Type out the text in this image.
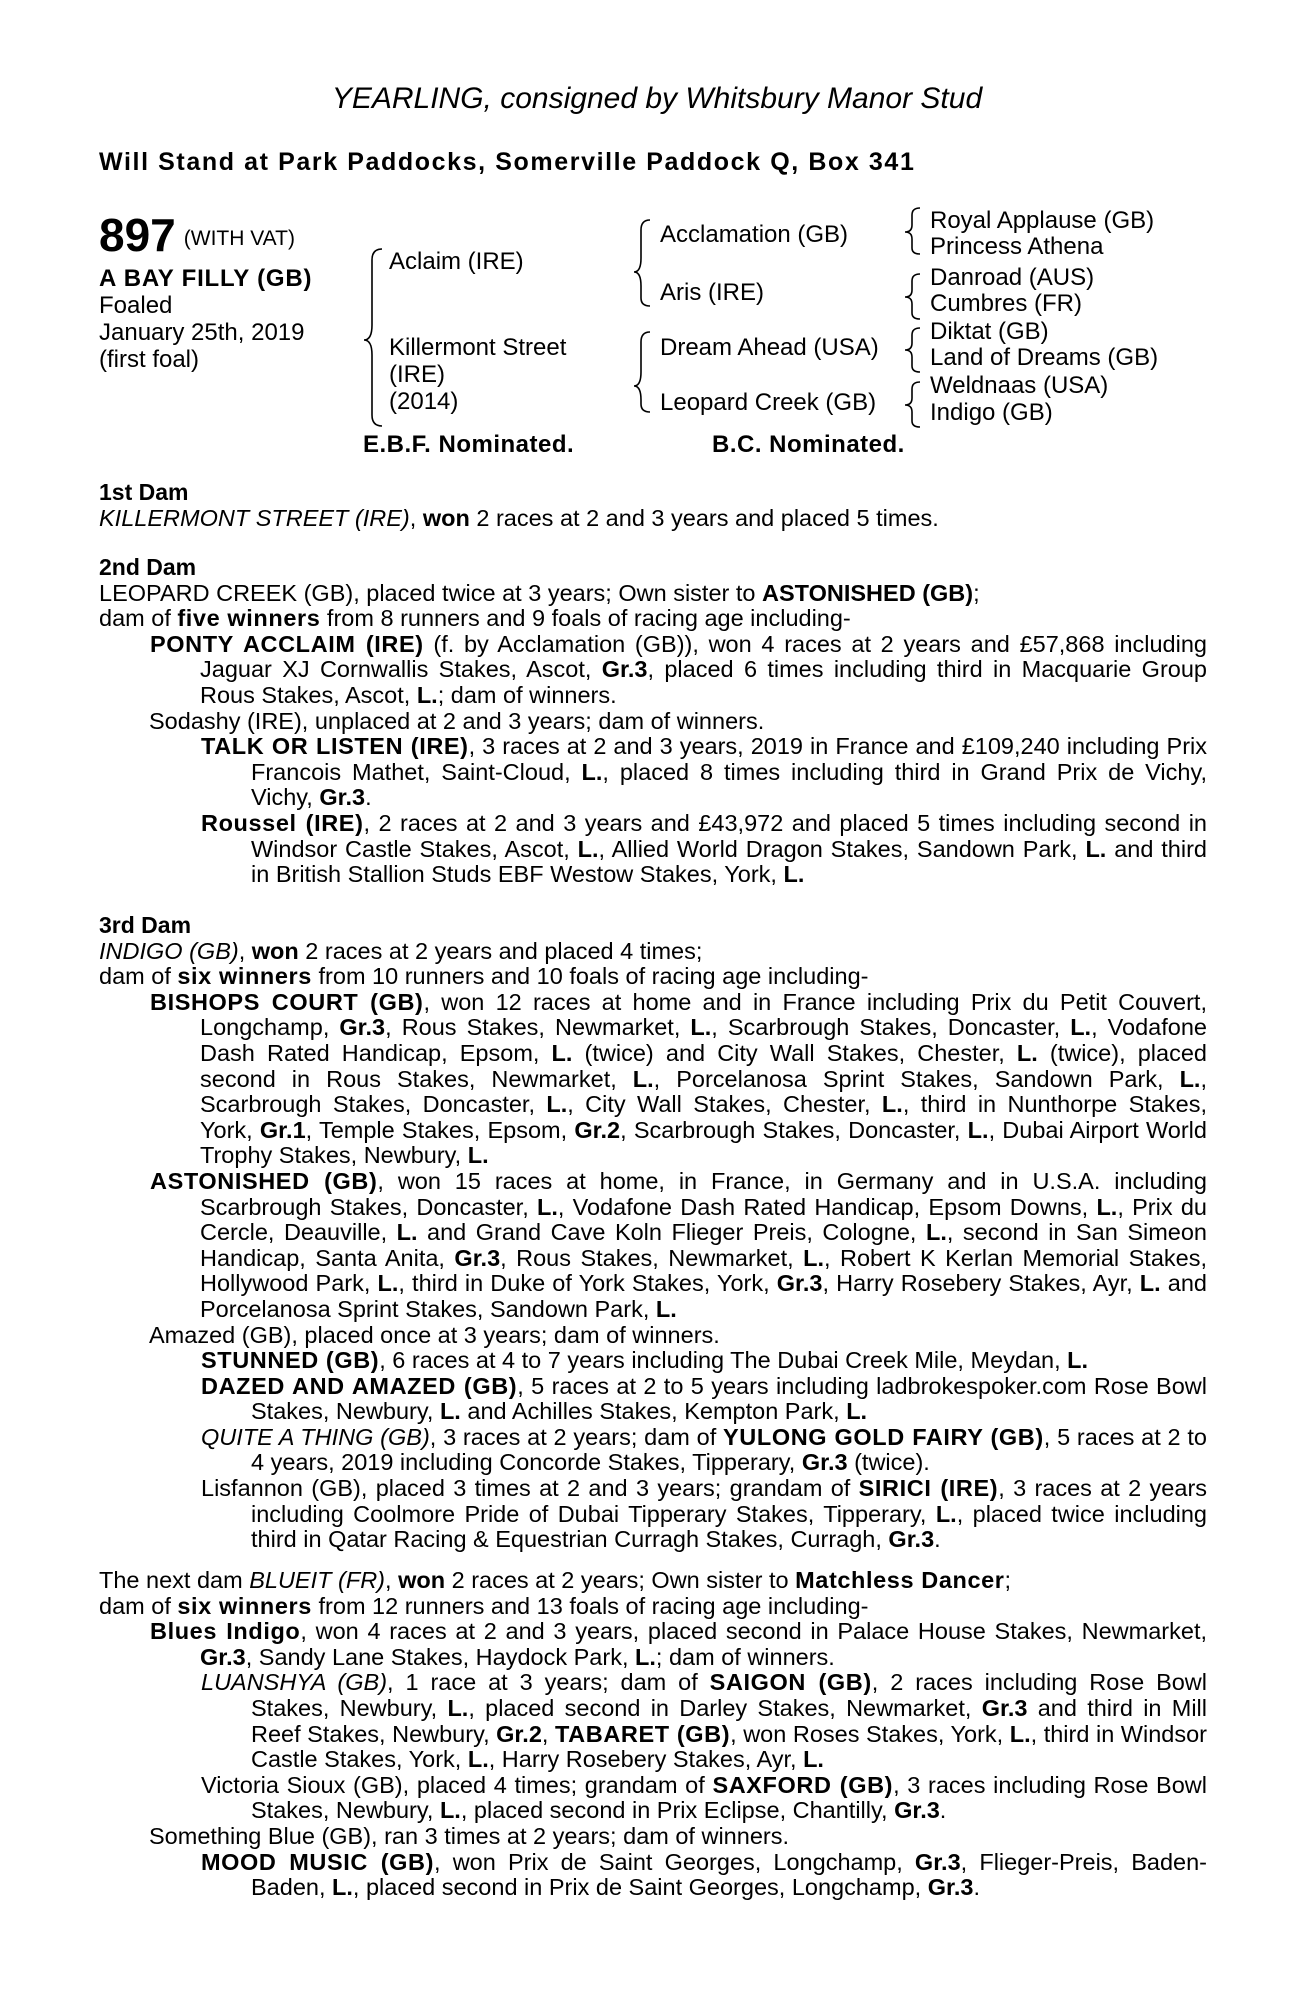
YEARLING, consigned by Whitsbury Manor Stud
Will Stand at Park Paddocks, Somerville Paddock Q, Box 341
897 (WITH VAT)
A BAY FILLY (GB)
Foaled
January 25th, 2019
(first foal)
Aclaim (IRE)
Killermont Street
(IRE)
(2014)
Acclamation (GB)
Aris (IRE)
Dream Ahead (USA)
Leopard Creek (GB)
Royal Applause (GB)
Princess Athena
Danroad (AUS)
Cumbres (FR)
Diktat (GB)
Land of Dreams (GB)
Weldnaas (USA)
Indigo (GB)
E.B.F. Nominated.	B.C. Nominated.

1st Dam

KILLERMONT STREET (IRE), won 2 races at 2 and 3 years and placed 5 times.

2nd Dam

LEOPARD CREEK (GB), placed twice at 3 years; Own sister to ASTONISHED (GB);

dam of five winners from 8 runners and 9 foals of racing age including-

PONTY ACCLAIM (IRE) (f. by Acclamation (GB)), won 4 races at 2 years and £57,868 including Jaguar XJ Cornwallis Stakes, Ascot, Gr.3, placed 6 times including third in Macquarie Group Rous Stakes, Ascot, L.; dam of winners.

Sodashy (IRE), unplaced at 2 and 3 years; dam of winners.

TALK OR LISTEN (IRE), 3 races at 2 and 3 years, 2019 in France and £109,240 including Prix Francois Mathet, Saint-Cloud, L., placed 8 times including third in Grand Prix de Vichy, Vichy, Gr.3.

Roussel (IRE), 2 races at 2 and 3 years and £43,972 and placed 5 times including second in Windsor Castle Stakes, Ascot, L., Allied World Dragon Stakes, Sandown Park, L. and third in British Stallion Studs EBF Westow Stakes, York, L.

3rd Dam

INDIGO (GB), won 2 races at 2 years and placed 4 times;

dam of six winners from 10 runners and 10 foals of racing age including-

BISHOPS COURT (GB), won 12 races at home and in France including Prix du Petit Couvert, Longchamp, Gr.3, Rous Stakes, Newmarket, L., Scarbrough Stakes, Doncaster, L., Vodafone Dash Rated Handicap, Epsom, L. (twice) and City Wall Stakes, Chester, L. (twice), placed second in Rous Stakes, Newmarket, L., Porcelanosa Sprint Stakes, Sandown Park, L., Scarbrough Stakes, Doncaster, L., City Wall Stakes, Chester, L., third in Nunthorpe Stakes, York, Gr.1, Temple Stakes, Epsom, Gr.2, Scarbrough Stakes, Doncaster, L., Dubai Airport World Trophy Stakes, Newbury, L.

ASTONISHED (GB), won 15 races at home, in France, in Germany and in U.S.A. including Scarbrough Stakes, Doncaster, L., Vodafone Dash Rated Handicap, Epsom Downs, L., Prix du Cercle, Deauville, L. and Grand Cave Koln Flieger Preis, Cologne, L., second in San Simeon Handicap, Santa Anita, Gr.3, Rous Stakes, Newmarket, L., Robert K Kerlan Memorial Stakes, Hollywood Park, L., third in Duke of York Stakes, York, Gr.3, Harry Rosebery Stakes, Ayr, L. and Porcelanosa Sprint Stakes, Sandown Park, L.

Amazed (GB), placed once at 3 years; dam of winners.

STUNNED (GB), 6 races at 4 to 7 years including The Dubai Creek Mile, Meydan, L.

DAZED AND AMAZED (GB), 5 races at 2 to 5 years including ladbrokespoker.com Rose Bowl Stakes, Newbury, L. and Achilles Stakes, Kempton Park, L.

QUITE A THING (GB), 3 races at 2 years; dam of YULONG GOLD FAIRY (GB), 5 races at 2 to 4 years, 2019 including Concorde Stakes, Tipperary, Gr.3 (twice).

Lisfannon (GB), placed 3 times at 2 and 3 years; grandam of SIRICI (IRE), 3 races at 2 years including Coolmore Pride of Dubai Tipperary Stakes, Tipperary, L., placed twice including third in Qatar Racing & Equestrian Curragh Stakes, Curragh, Gr.3.

The next dam BLUEIT (FR), won 2 races at 2 years; Own sister to Matchless Dancer;

dam of six winners from 12 runners and 13 foals of racing age including-

Blues Indigo, won 4 races at 2 and 3 years, placed second in Palace House Stakes, Newmarket, Gr.3, Sandy Lane Stakes, Haydock Park, L.; dam of winners.

LUANSHYA (GB), 1 race at 3 years; dam of SAIGON (GB), 2 races including Rose Bowl Stakes, Newbury, L., placed second in Darley Stakes, Newmarket, Gr.3 and third in Mill Reef Stakes, Newbury, Gr.2, TABARET (GB), won Roses Stakes, York, L., third in Windsor Castle Stakes, York, L., Harry Rosebery Stakes, Ayr, L.

Victoria Sioux (GB), placed 4 times; grandam of SAXFORD (GB), 3 races including Rose Bowl Stakes, Newbury, L., placed second in Prix Eclipse, Chantilly, Gr.3.

Something Blue (GB), ran 3 times at 2 years; dam of winners.

MOOD MUSIC (GB), won Prix de Saint Georges, Longchamp, Gr.3, Flieger-Preis, Baden-Baden, L., placed second in Prix de Saint Georges, Longchamp, Gr.3.
